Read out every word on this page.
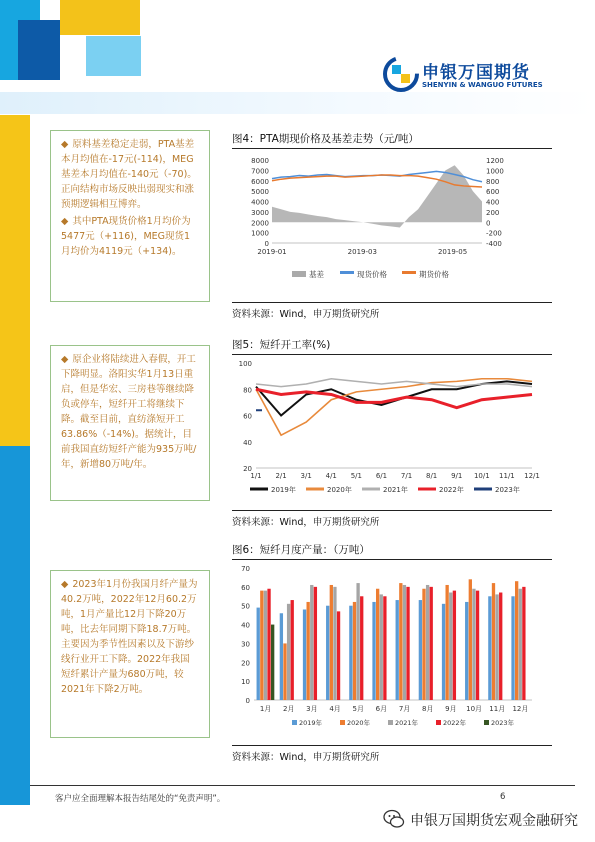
申银万国期货
SHENYIN & WANGUO FUTURES

◆ 原料基差稳定走弱，PTA基差本月均值在-17元(-114)，MEG基差本月均值在-140元（-70)。正向结构市场反映出弱现实和涨预期逻辑相互博弈。

◆ 其中PTA现货价格1月均价为5477元（+116)，MEG现货1月均价为4119元（+134)。

图4：PTA期现价格及基差走势（元/吨）
0
1000
2000
3000
4000
5000
6000
7000
8000
-400
-200
0
200
400
600
800
1000
1200
2019-01	2019-03	2019-05
基差	现货价格	期货价格
资料来源：Wind，申万期货研究所

◆ 原企业将陆续进入春假，开工下降明显。洛阳实华1月13日重启，但是华宏、三房巷等继续降负或停车，短纤开工将继续下降。截至目前，直纺涤短开工63.86%（-14%)。据统计，目前我国直纺短纤产能为935万吨/年，新增80万吨/年。

图5：短纤开工率(%)
20
40
60
80
100
1/1 2/1 3/1 4/1 5/1 6/1 7/1 8/1 9/1 10/1 11/1 12/1
2019年	2020年	2021年	2022年	2023年
资料来源：Wind，申万期货研究所

◆ 2023年1月份我国月纤产量为40.2万吨，2022年12月60.2万吨，1月产量比12月下降20万吨，比去年同期下降18.7万吨。主要因为季节性因素以及下游纱线行业开工下降。2022年我国短纤累计产量为680万吨，较2021年下降2万吨。

图6：短纤月度产量：（万吨）
0
10
20
30
40
50
60
70
1月 2月 3月 4月 5月 6月 7月 8月 9月 10月 11月 12月
2019年	2020年	2021年	2022年	2023年
资料来源：Wind，申万期货研究所
客户应全面理解本报告结尾处的“免责声明”。	6
申银万国期货宏观金融研究
